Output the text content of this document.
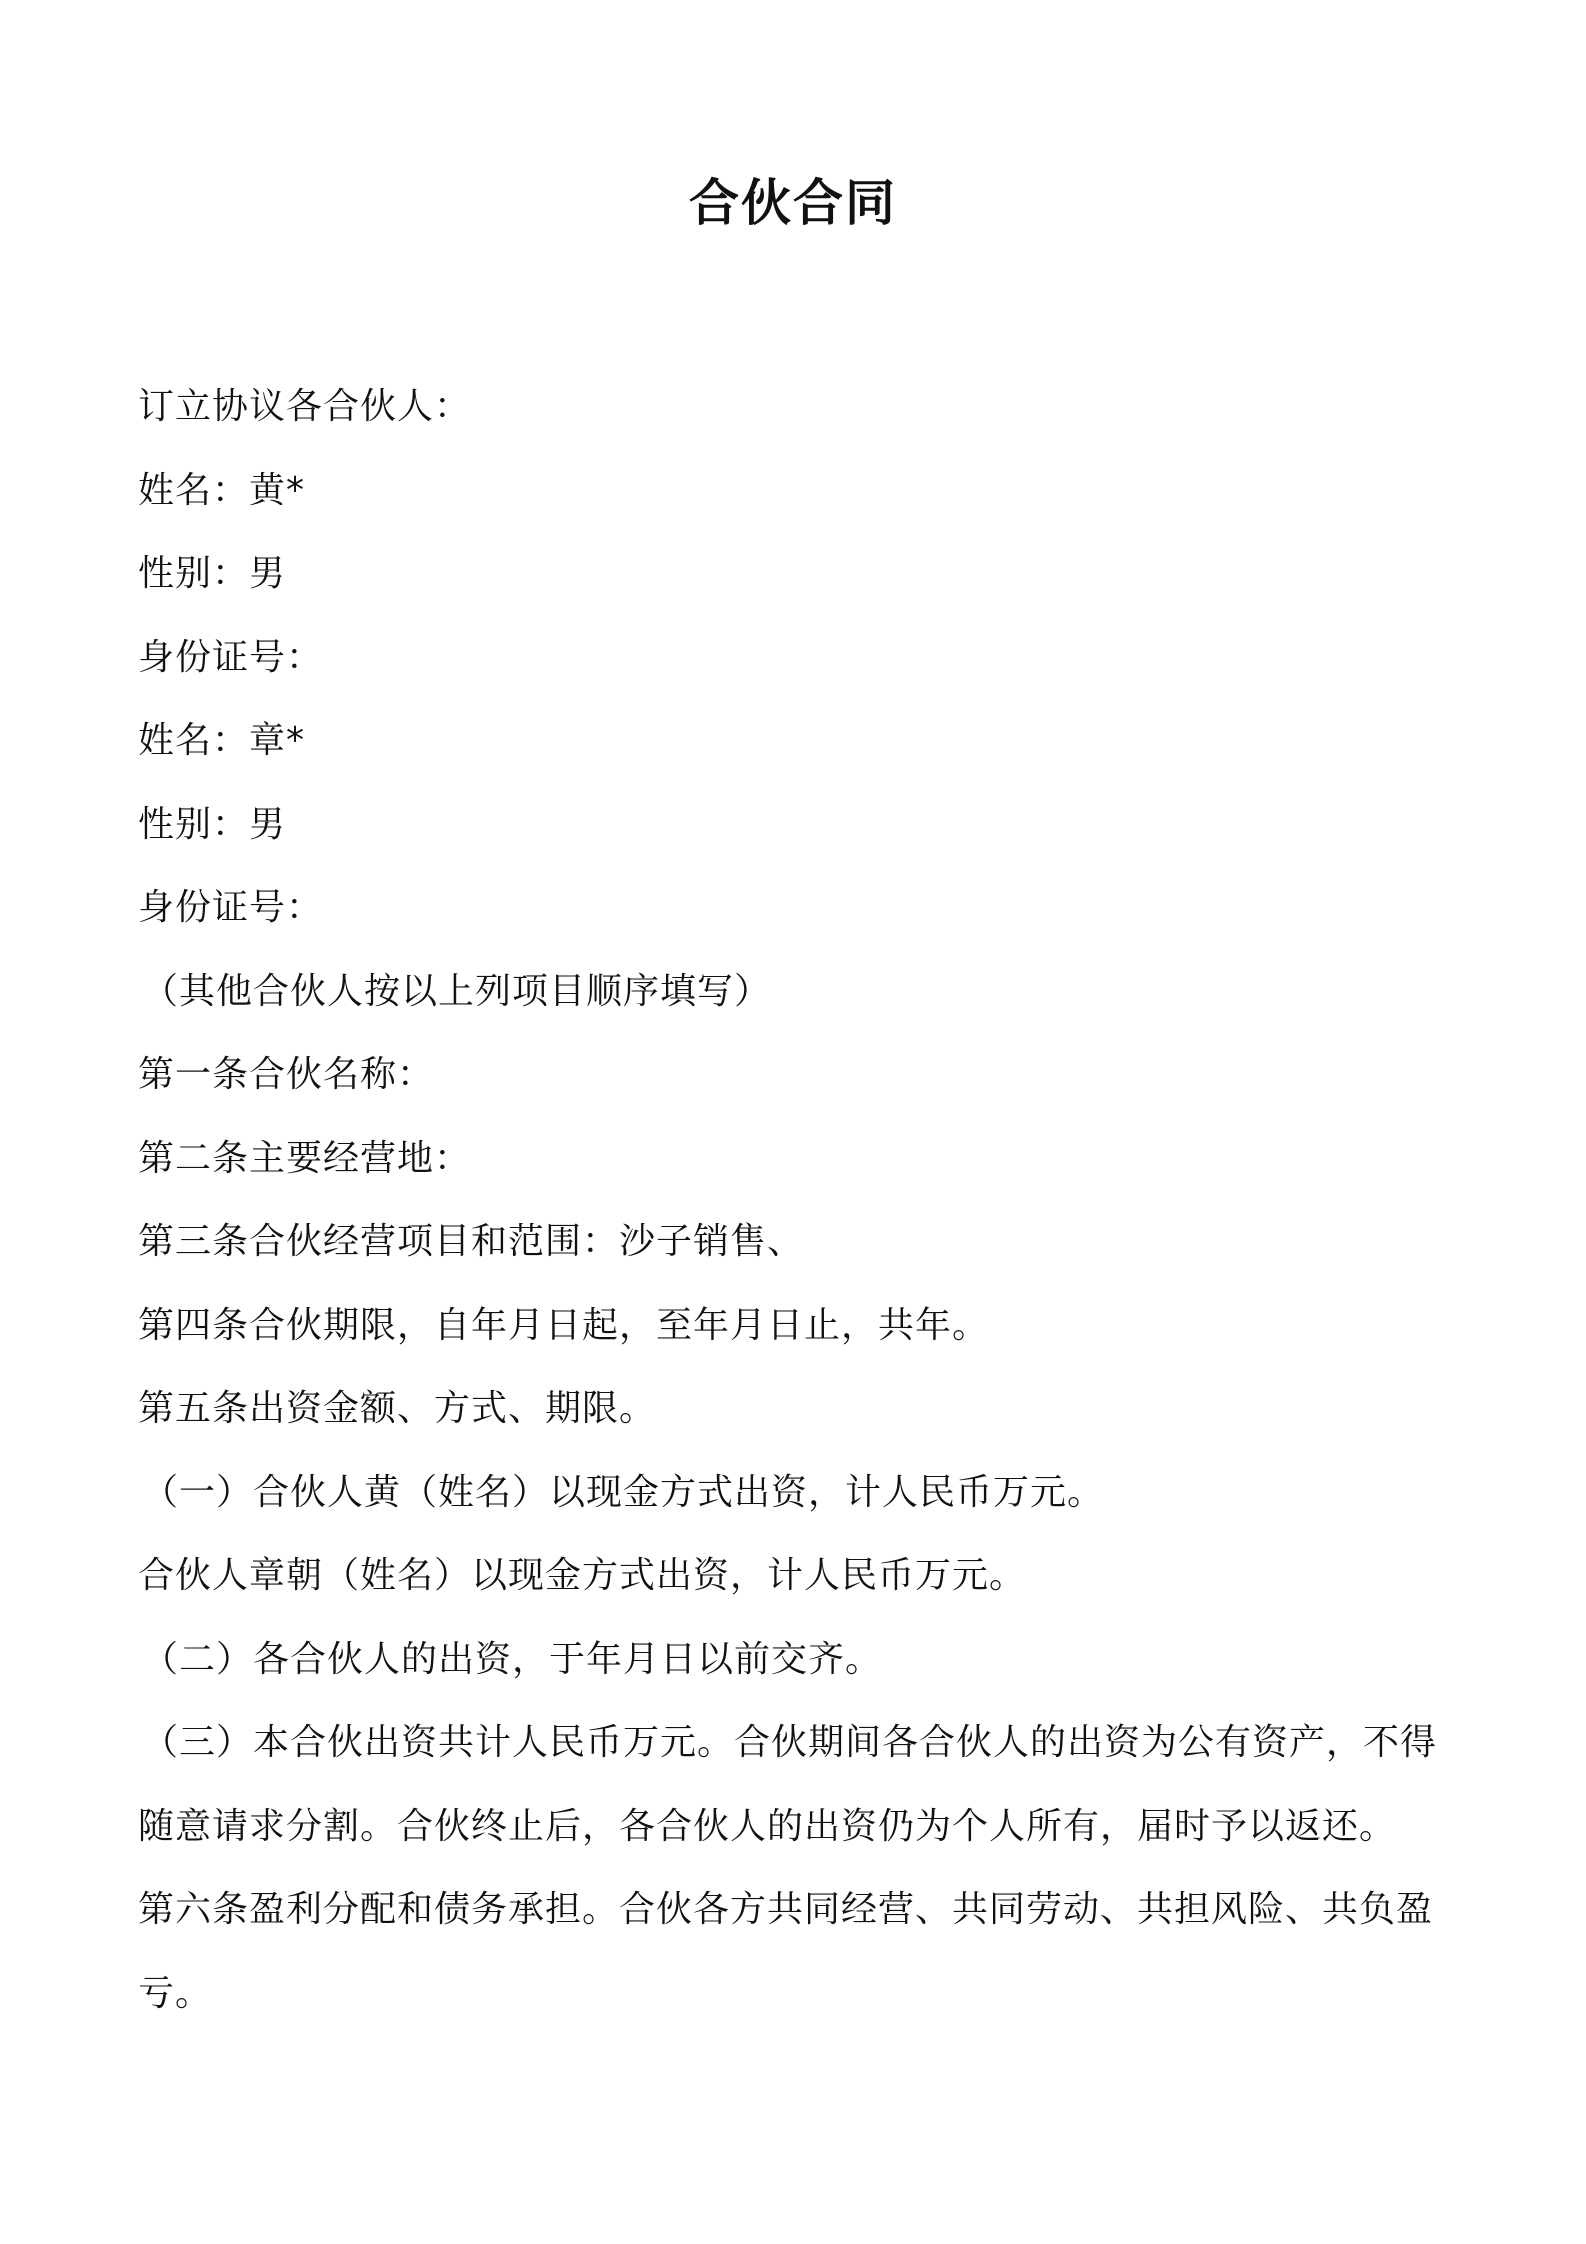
合伙合同
订立协议各合伙人：
姓名：黄*
性别：男
身份证号：
姓名：章*
性别：男
身份证号：
（其他合伙人按以上列项目顺序填写）
第一条合伙名称：
第二条主要经营地：
第三条合伙经营项目和范围：沙子销售、
第四条合伙期限，自年月日起，至年月日止，共年。
第五条出资金额、方式、期限。
（一）合伙人黄（姓名）以现金方式出资，计人民币万元。
合伙人章朝（姓名）以现金方式出资，计人民币万元。
（二）各合伙人的出资，于年月日以前交齐。
（三）本合伙出资共计人民币万元。合伙期间各合伙人的出资为公有资产，不得
随意请求分割。合伙终止后，各合伙人的出资仍为个人所有，届时予以返还。
第六条盈利分配和债务承担。合伙各方共同经营、共同劳动、共担风险、共负盈
亏。
